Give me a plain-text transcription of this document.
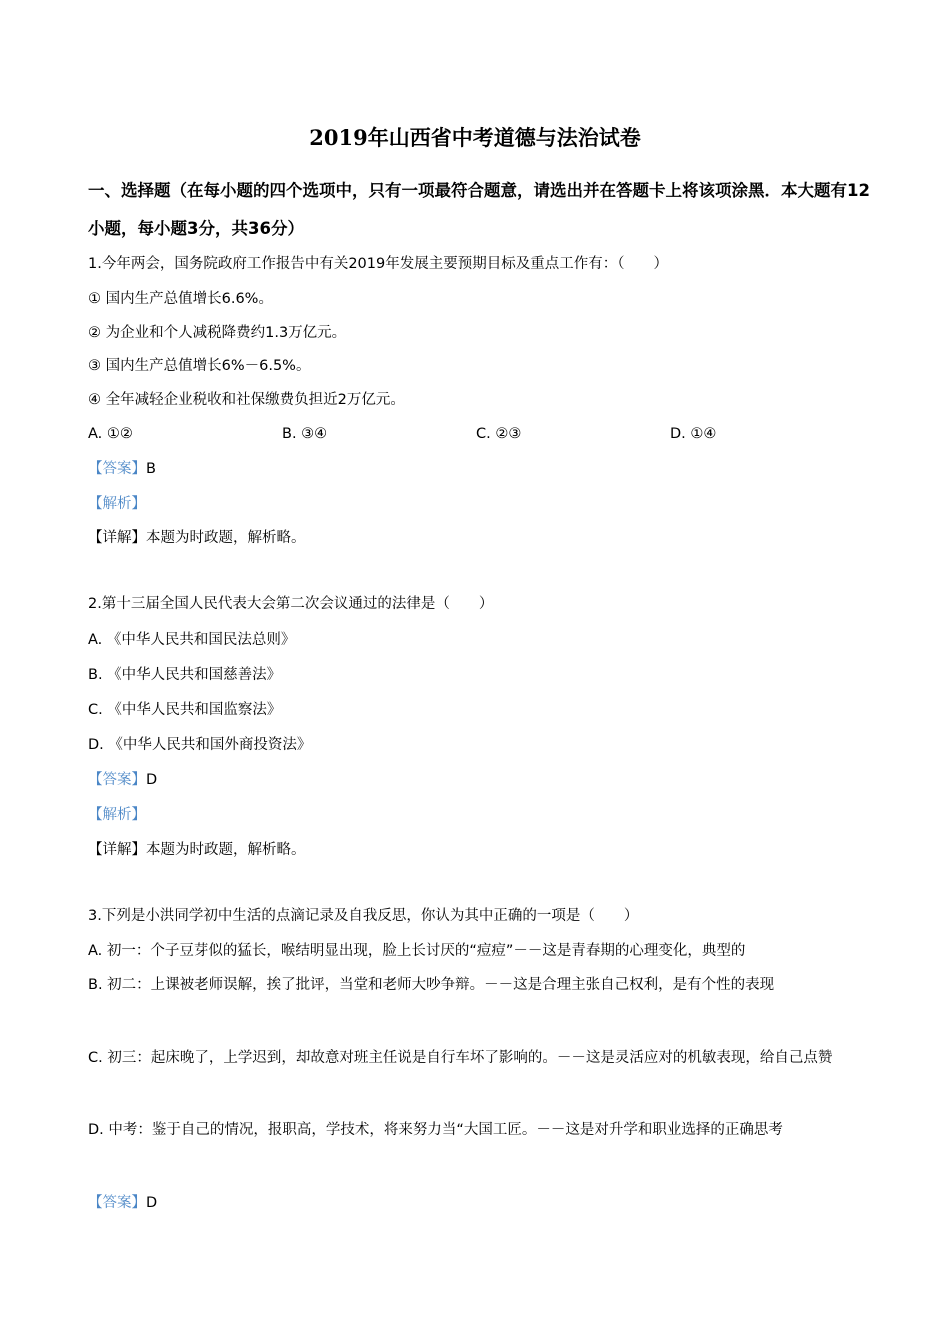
2019年山西省中考道德与法治试卷

一、选择题（在每小题的四个选项中，只有一项最符合题意，请选出并在答题卡上将该项涂黑．本大题有12小题，每小题3分，共36分）

1.今年两会，国务院政府工作报告中有关2019年发展主要预期目标及重点工作有：（　　）

① 国内生产总值增长6.6%。

② 为企业和个人减税降费约1.3万亿元。

③ 国内生产总值增长6%－6.5%。

④ 全年减轻企业税收和社保缴费负担近2万亿元。

A. ①②	B. ③④	C. ②③	D. ①④

【答案】B

【解析】

【详解】本题为时政题，解析略。

2.第十三届全国人民代表大会第二次会议通过的法律是（　　）

A. 《中华人民共和国民法总则》

B. 《中华人民共和国慈善法》

C. 《中华人民共和国监察法》

D. 《中华人民共和国外商投资法》

【答案】D

【解析】

【详解】本题为时政题，解析略。

3.下列是小洪同学初中生活的点滴记录及自我反思，你认为其中正确的一项是（　　）

A. 初一：个子豆芽似的猛长，喉结明显出现，脸上长讨厌的“痘痘”－－这是青春期的心理变化，典型的

B. 初二：上课被老师误解，挨了批评，当堂和老师大吵争辩。－－这是合理主张自己权利，是有个性的表现

C. 初三：起床晚了，上学迟到，却故意对班主任说是自行车坏了影响的。－－这是灵活应对的机敏表现，给自己点赞

D. 中考：鉴于自己的情况，报职高，学技术，将来努力当“大国工匠。－－这是对升学和职业选择的正确思考

【答案】D
